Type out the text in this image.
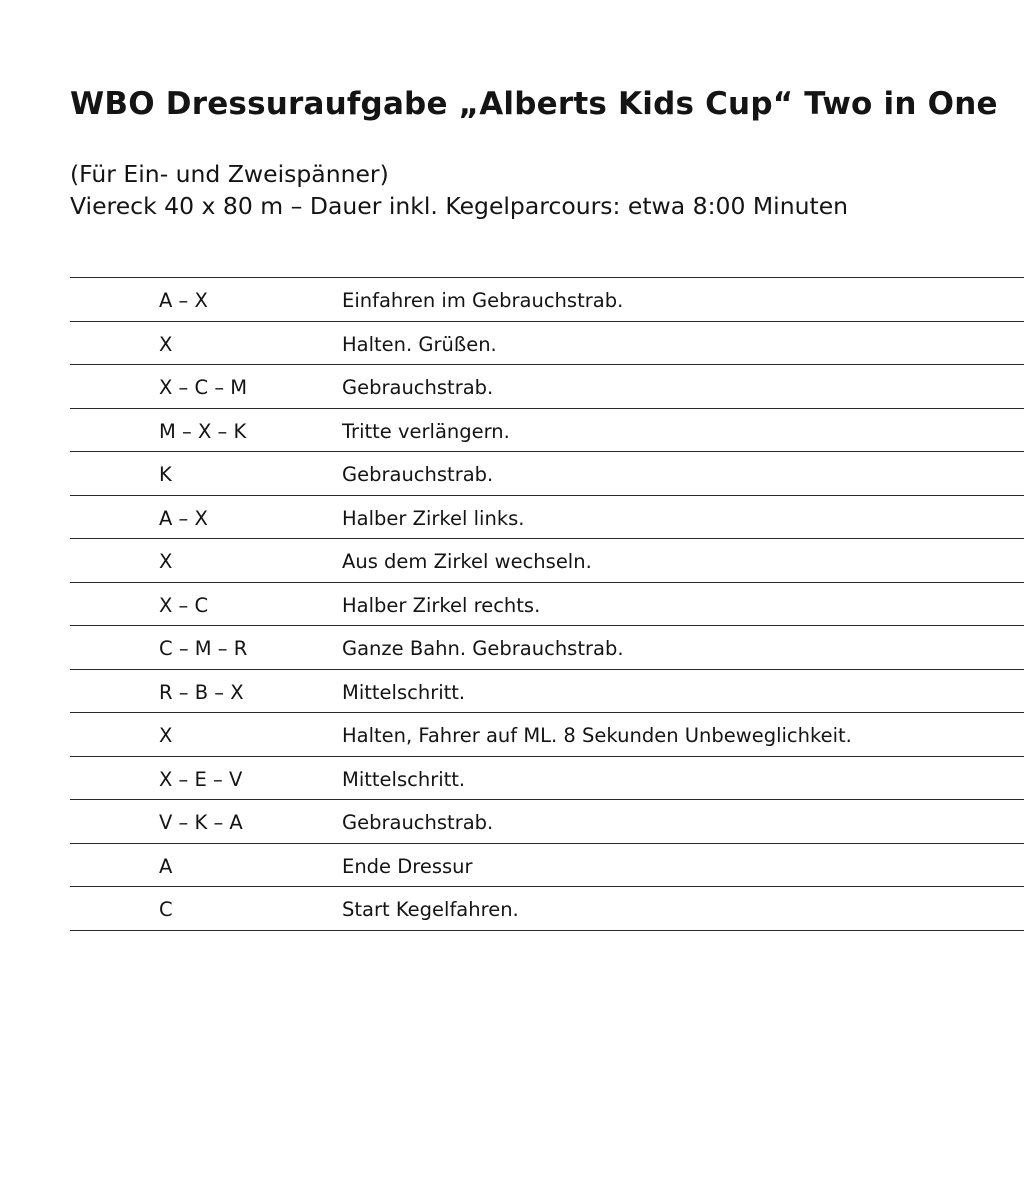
WBO Dressuraufgabe „Alberts Kids Cup“ Two in One
(Für Ein- und Zweispänner)
Viereck 40 x 80 m – Dauer inkl. Kegelparcours: etwa 8:00 Minuten
A – X	Einfahren im Gebrauchstrab.
X	Halten. Grüßen.
X – C – M	Gebrauchstrab.
M – X – K	Tritte verlängern.
K	Gebrauchstrab.
A – X	Halber Zirkel links.
X	Aus dem Zirkel wechseln.
X – C	Halber Zirkel rechts.
C – M – R	Ganze Bahn. Gebrauchstrab.
R – B – X	Mittelschritt.
X	Halten, Fahrer auf ML. 8 Sekunden Unbeweglichkeit.
X – E – V	Mittelschritt.
V – K – A	Gebrauchstrab.
A	Ende Dressur
C	Start Kegelfahren.
